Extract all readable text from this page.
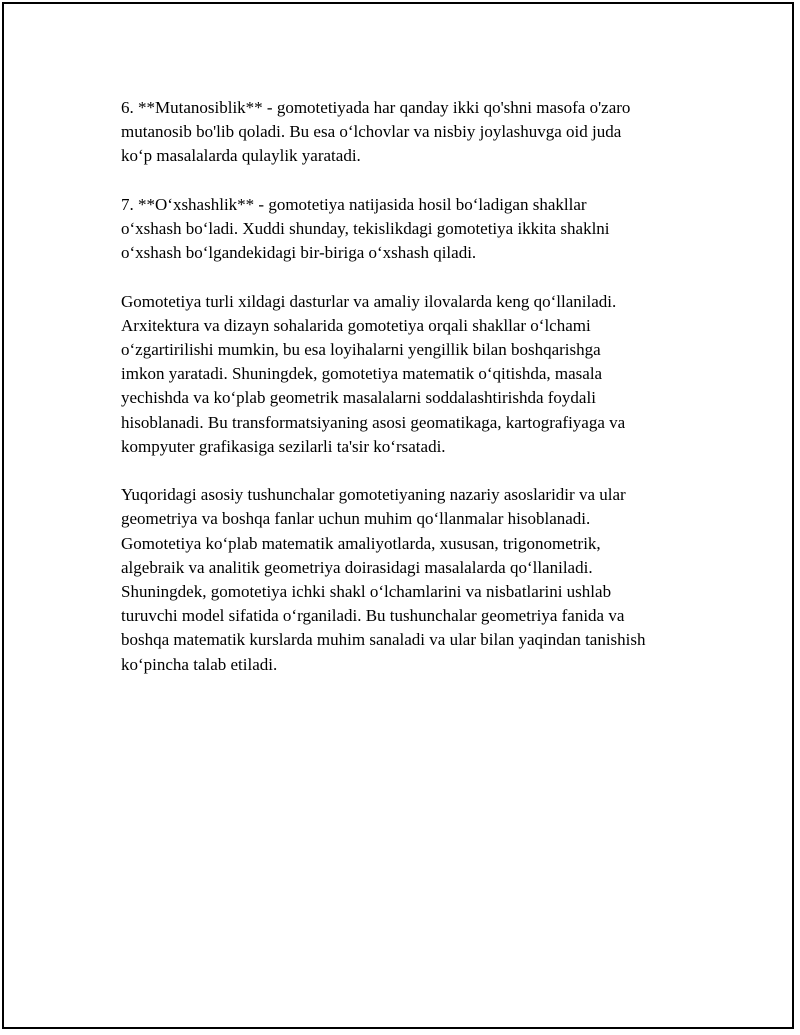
6. **Mutanosiblik** - gomotetiyada har qanday ikki qo'shni masofa o'zaro
mutanosib bo'lib qoladi. Bu esa o‘lchovlar va nisbiy joylashuvga oid juda
ko‘p masalalarda qulaylik yaratadi.

7. **O‘xshashlik** - gomotetiya natijasida hosil bo‘ladigan shakllar
o‘xshash bo‘ladi. Xuddi shunday, tekislikdagi gomotetiya ikkita shaklni
o‘xshash bo‘lgandekidagi bir-biriga o‘xshash qiladi.

Gomotetiya turli xildagi dasturlar va amaliy ilovalarda keng qo‘llaniladi.
Arxitektura va dizayn sohalarida gomotetiya orqali shakllar o‘lchami
o‘zgartirilishi mumkin, bu esa loyihalarni yengillik bilan boshqarishga
imkon yaratadi. Shuningdek, gomotetiya matematik o‘qitishda, masala
yechishda va ko‘plab geometrik masalalarni soddalashtirishda foydali
hisoblanadi. Bu transformatsiyaning asosi geomatikaga, kartografiyaga va
kompyuter grafikasiga sezilarli ta'sir ko‘rsatadi.

Yuqoridagi asosiy tushunchalar gomotetiyaning nazariy asoslaridir va ular
geometriya va boshqa fanlar uchun muhim qo‘llanmalar hisoblanadi.
Gomotetiya ko‘plab matematik amaliyotlarda, xususan, trigonometrik,
algebraik va analitik geometriya doirasidagi masalalarda qo‘llaniladi.
Shuningdek, gomotetiya ichki shakl o‘lchamlarini va nisbatlarini ushlab
turuvchi model sifatida o‘rganiladi. Bu tushunchalar geometriya fanida va
boshqa matematik kurslarda muhim sanaladi va ular bilan yaqindan tanishish
ko‘pincha talab etiladi.
